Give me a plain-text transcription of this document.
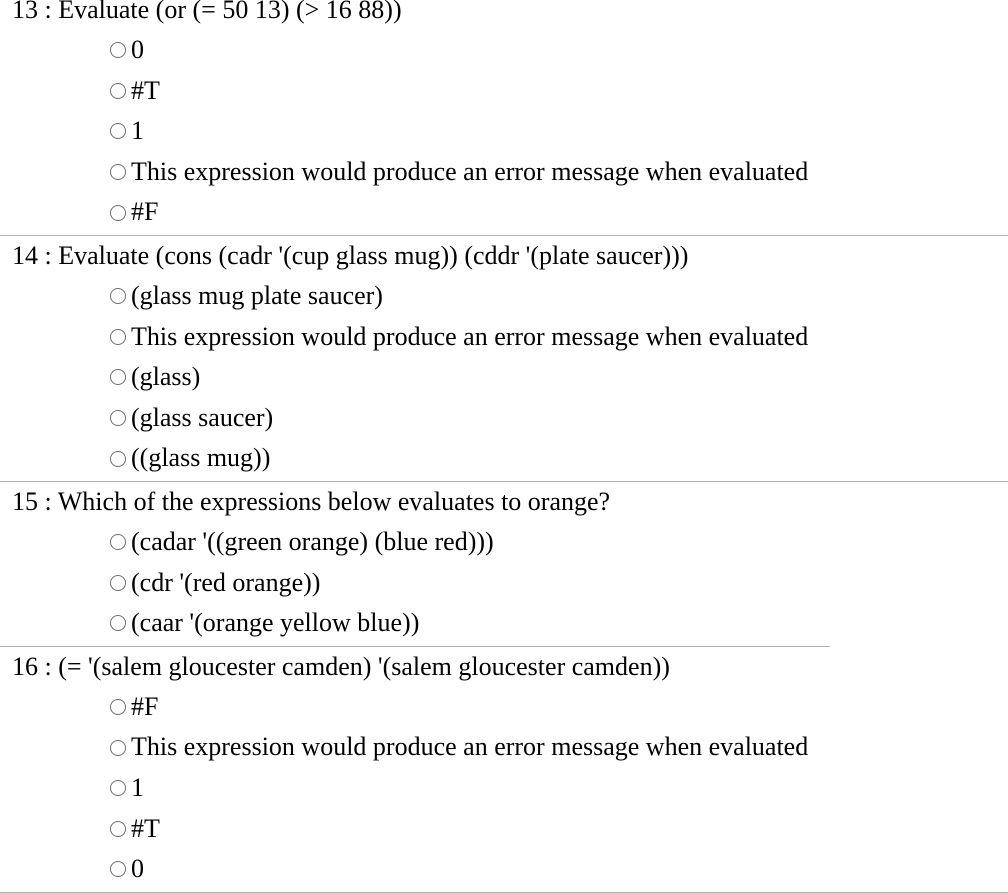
13 : Evaluate (or (= 50 13) (> 16 88))
0
#T
1
This expression would produce an error message when evaluated
#F
14 : Evaluate (cons (cadr '(cup glass mug)) (cddr '(plate saucer)))
(glass mug plate saucer)
This expression would produce an error message when evaluated
(glass)
(glass saucer)
((glass mug))
15 : Which of the expressions below evaluates to orange?
(cadar '((green orange) (blue red)))
(cdr '(red orange))
(caar '(orange yellow blue))
16 : (= '(salem gloucester camden) '(salem gloucester camden))
#F
This expression would produce an error message when evaluated
1
#T
0
